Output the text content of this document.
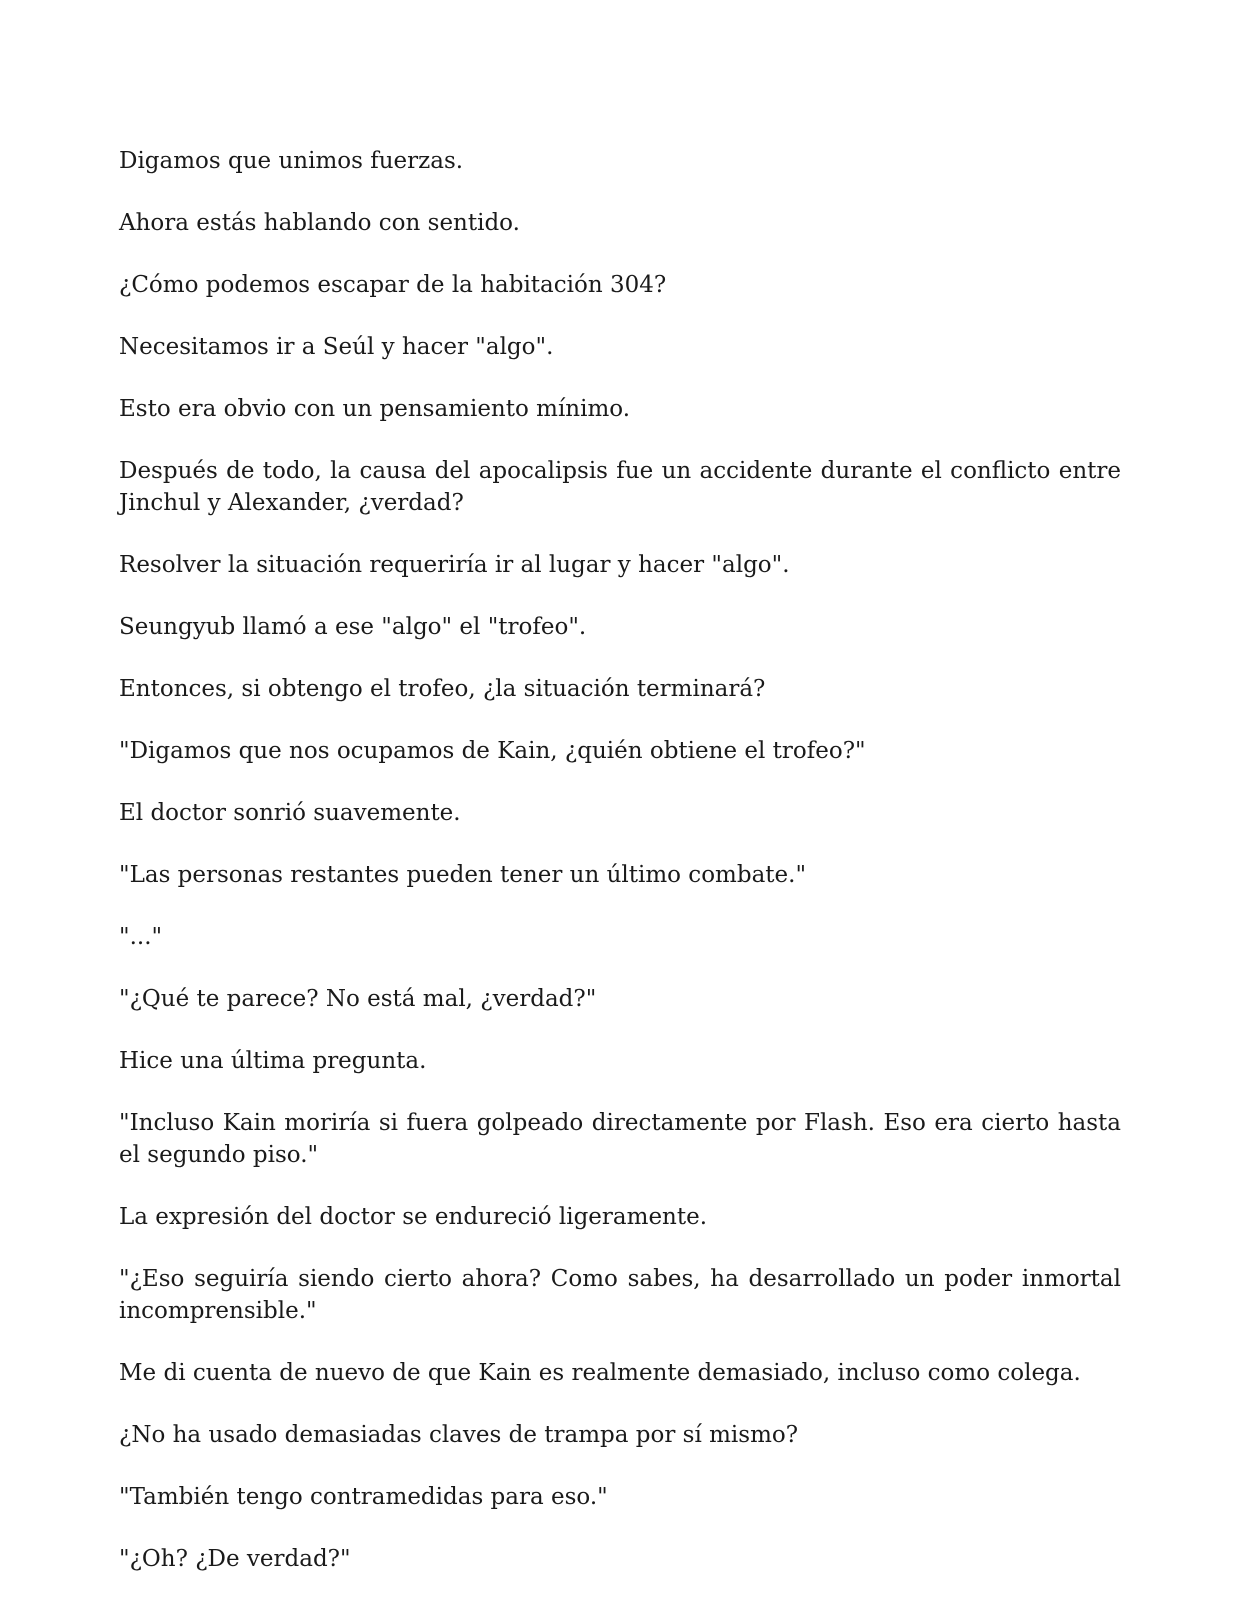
Digamos que unimos fuerzas.

Ahora estás hablando con sentido.

¿Cómo podemos escapar de la habitación 304?

Necesitamos ir a Seúl y hacer "algo".

Esto era obvio con un pensamiento mínimo.

Después de todo, la causa del apocalipsis fue un accidente durante el conflicto entre Jinchul y Alexander, ¿verdad?

Resolver la situación requeriría ir al lugar y hacer "algo".

Seungyub llamó a ese "algo" el "trofeo".

Entonces, si obtengo el trofeo, ¿la situación terminará?

"Digamos que nos ocupamos de Kain, ¿quién obtiene el trofeo?"

El doctor sonrió suavemente.

"Las personas restantes pueden tener un último combate."

"..."

"¿Qué te parece? No está mal, ¿verdad?"

Hice una última pregunta.

"Incluso Kain moriría si fuera golpeado directamente por Flash. Eso era cierto hasta el segundo piso."

La expresión del doctor se endureció ligeramente.

"¿Eso seguiría siendo cierto ahora? Como sabes, ha desarrollado un poder inmortal incomprensible."

Me di cuenta de nuevo de que Kain es realmente demasiado, incluso como colega.

¿No ha usado demasiadas claves de trampa por sí mismo?

"También tengo contramedidas para eso."

"¿Oh? ¿De verdad?"
